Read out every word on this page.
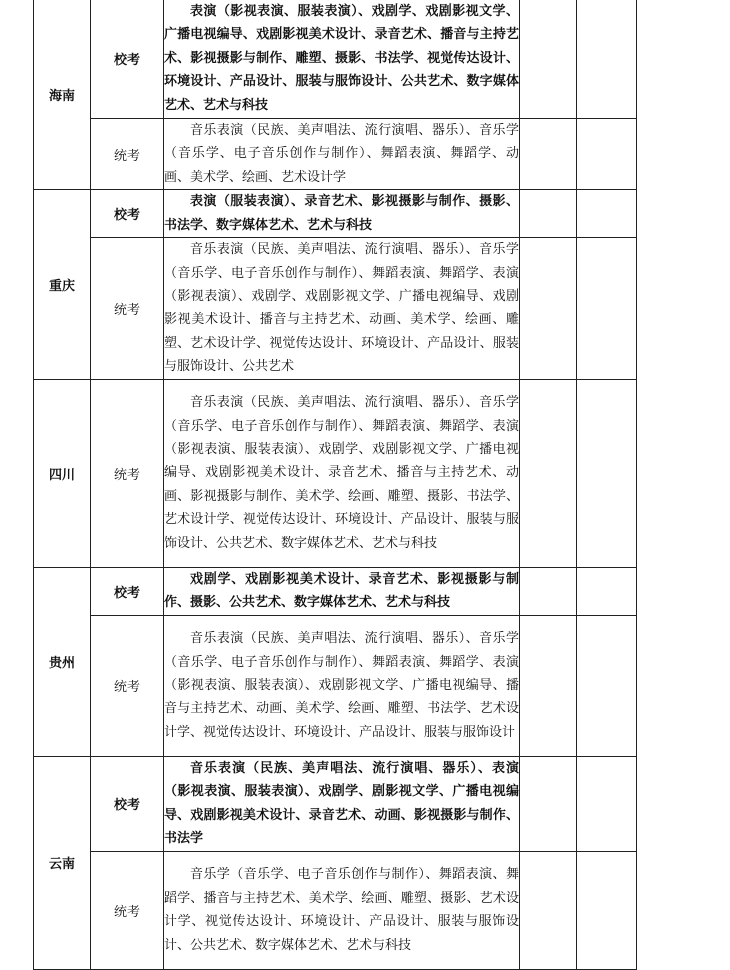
海南	校考	表演（影视表演、服装表演）、戏剧学、戏剧影视文学、广播电视编导、戏剧影视美术设计、录音艺术、播音与主持艺术、影视摄影与制作、雕塑、摄影、书法学、视觉传达设计、环境设计、产品设计、服装与服饰设计、公共艺术、数字媒体艺术、艺术与科技		

	统考	音乐表演（民族、美声唱法、流行演唱、器乐）、音乐学（音乐学、电子音乐创作与制作）、舞蹈表演、舞蹈学、动画、美术学、绘画、艺术设计学		

重庆	校考	表演（服装表演）、录音艺术、影视摄影与制作、摄影、书法学、数字媒体艺术、艺术与科技		

	统考	音乐表演（民族、美声唱法、流行演唱、器乐）、音乐学（音乐学、电子音乐创作与制作）、舞蹈表演、舞蹈学、表演（影视表演）、戏剧学、戏剧影视文学、广播电视编导、戏剧影视美术设计、播音与主持艺术、动画、美术学、绘画、雕塑、艺术设计学、视觉传达设计、环境设计、产品设计、服装与服饰设计、公共艺术		

四川	统考	音乐表演（民族、美声唱法、流行演唱、器乐）、音乐学（音乐学、电子音乐创作与制作）、舞蹈表演、舞蹈学、表演（影视表演、服装表演）、戏剧学、戏剧影视文学、广播电视编导、戏剧影视美术设计、录音艺术、播音与主持艺术、动画、影视摄影与制作、美术学、绘画、雕塑、摄影、书法学、艺术设计学、视觉传达设计、环境设计、产品设计、服装与服饰设计、公共艺术、数字媒体艺术、艺术与科技		

贵州	校考	戏剧学、戏剧影视美术设计、录音艺术、影视摄影与制作、摄影、公共艺术、数字媒体艺术、艺术与科技		

	统考	音乐表演（民族、美声唱法、流行演唱、器乐）、音乐学（音乐学、电子音乐创作与制作）、舞蹈表演、舞蹈学、表演（影视表演、服装表演）、戏剧影视文学、广播电视编导、播音与主持艺术、动画、美术学、绘画、雕塑、书法学、艺术设计学、视觉传达设计、环境设计、产品设计、服装与服饰设计		

云南	校考	音乐表演（民族、美声唱法、流行演唱、器乐）、表演（影视表演、服装表演）、戏剧学、剧影视文学、广播电视编导、戏剧影视美术设计、录音艺术、动画、影视摄影与制作、书法学		

	统考	音乐学（音乐学、电子音乐创作与制作）、舞蹈表演、舞蹈学、播音与主持艺术、美术学、绘画、雕塑、摄影、艺术设计学、视觉传达设计、环境设计、产品设计、服装与服饰设计、公共艺术、数字媒体艺术、艺术与科技		
